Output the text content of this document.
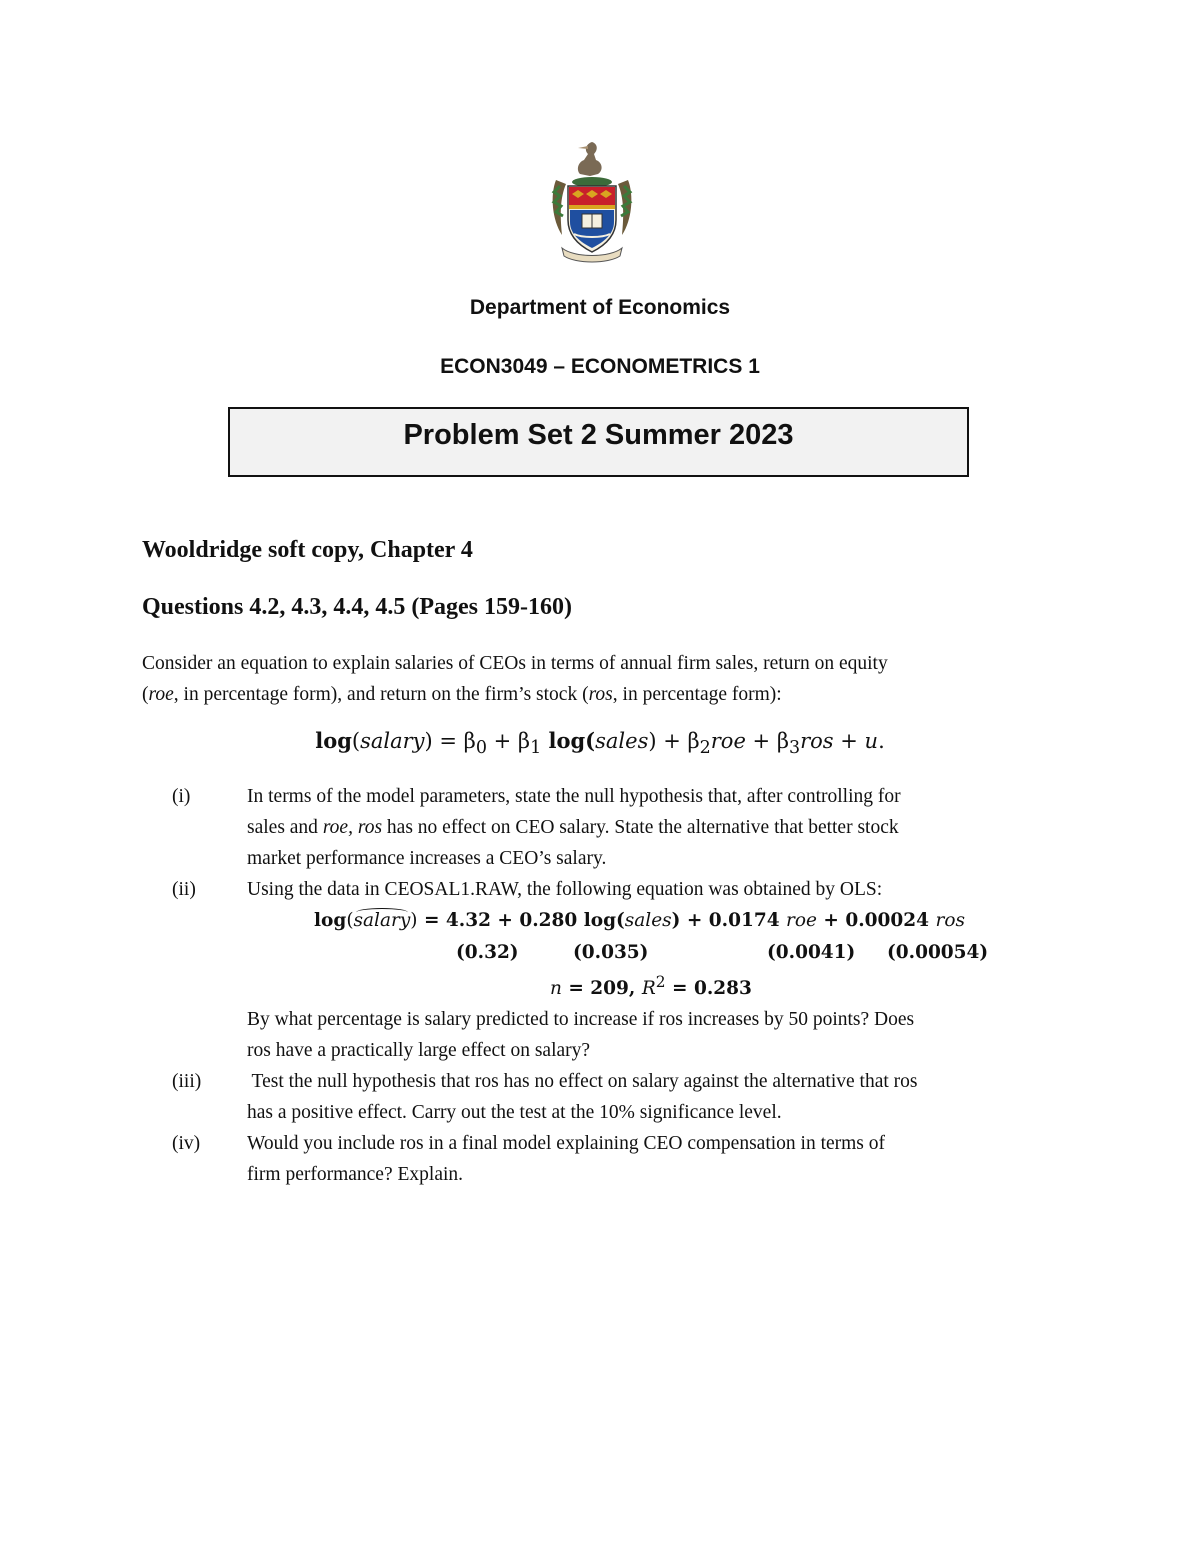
Department of Economics
ECON3049 – ECONOMETRICS 1
Problem Set 2 Summer 2023
Wooldridge soft copy, Chapter 4
Questions 4.2, 4.3, 4.4, 4.5 (Pages 159-160)
Consider an equation to explain salaries of CEOs in terms of annual firm sales, return on equity
(roe, in percentage form), and return on the firm’s stock (ros, in percentage form):
log(salary) = $\beta_0 + \beta_1$ log(sales) + $\beta_2roe + \beta_3ros + u$.
(i)	In terms of the model parameters, state the null hypothesis that, after controlling for
sales and roe, ros has no effect on CEO salary. State the alternative that better stock
market performance increases a CEO’s salary.
(ii)	Using the data in CEOSAL1.RAW, the following equation was obtained by OLS:
log(salary) = 4.32 + 0.280 log(sales) + 0.0174 roe + 0.00024 ros
(0.32)	(0.035)	(0.0041) (0.00054)
n = 209, $R^2 = 0.283$
By what percentage is salary predicted to increase if ros increases by 50 points? Does
ros have a practically large effect on salary?
(iii) Test the null hypothesis that ros has no effect on salary against the alternative that ros
has a positive effect. Carry out the test at the 10% significance level.
(iv) Would you include ros in a final model explaining CEO compensation in terms of
firm performance? Explain.
